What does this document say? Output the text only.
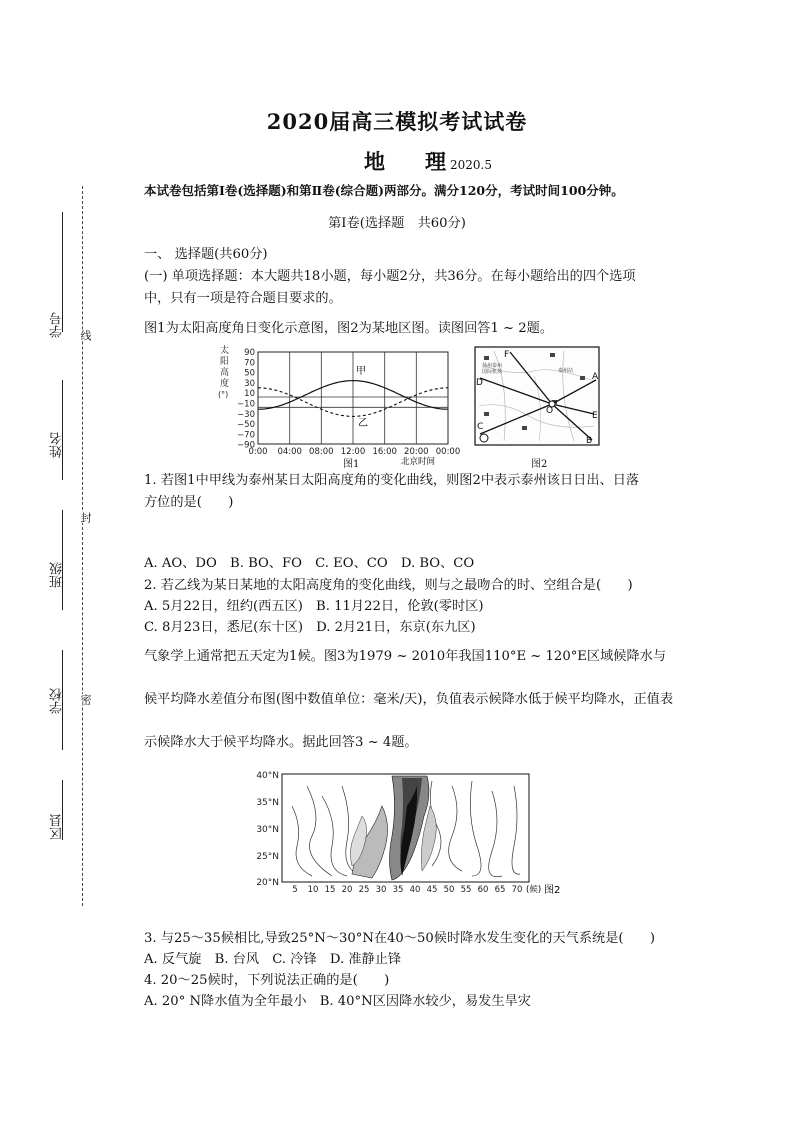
学号
姓名
班级
学校
区县
线
封
密
2020届高三模拟考试试卷
地 理 2020.5
本试卷包括第Ⅰ卷(选择题)和第Ⅱ卷(综合题)两部分。满分120分，考试时间100分钟。
第Ⅰ卷(选择题　共60分)
一、 选择题(共60分)
(一) 单项选择题：本大题共18小题，每小题2分，共36分。在每小题给出的四个选项
中，只有一项是符合题目要求的。
图1为太阳高度角日变化示意图，图2为某地区图。读图回答1 ~ 2题。
太
阳
高
度
(°)
90
70
50
30
10
−10
−30
−50
−70
−90
甲
乙
0:00 04:00 08:00 12:00 16:00 20:00 00:00
北京时间
图1
A
B
C
D
E
F
O
扬州泰州
国际机场	泰州站
图2
1. 若图1中甲线为泰州某日太阳高度角的变化曲线，则图2中表示泰州该日日出、日落
方位的是(　　)
A. AO、DO　B. BO、FO　C. EO、CO　D. BO、CO
2. 若乙线为某日某地的太阳高度角的变化曲线，则与之最吻合的时、空组合是(　　)
A. 5月22日，纽约(西五区)　B. 11月22日，伦敦(零时区)
C. 8月23日，悉尼(东十区)　D. 2月21日，东京(东九区)
气象学上通常把五天定为1候。图3为1979 ~ 2010年我国110°E ~ 120°E区域候降水与
候平均降水差值分布图(图中数值单位：毫米/天)，负值表示候降水低于候平均降水，正值表
示候降水大于候平均降水。据此回答3 ~ 4题。
40°N
35°N
30°N
25°N
20°N
5 10 15 20 25 30 35 40 45 50 55 60 65 70 (候) 图2
3. 与25～35候相比,导致25°N～30°N在40～50候时降水发生变化的天气系统是(　　)
A. 反气旋　B. 台风　C. 冷锋　D. 准静止锋
4. 20～25候时，下列说法正确的是(　　)
A. 20° N降水值为全年最小　B. 40°N区因降水较少，易发生旱灾
